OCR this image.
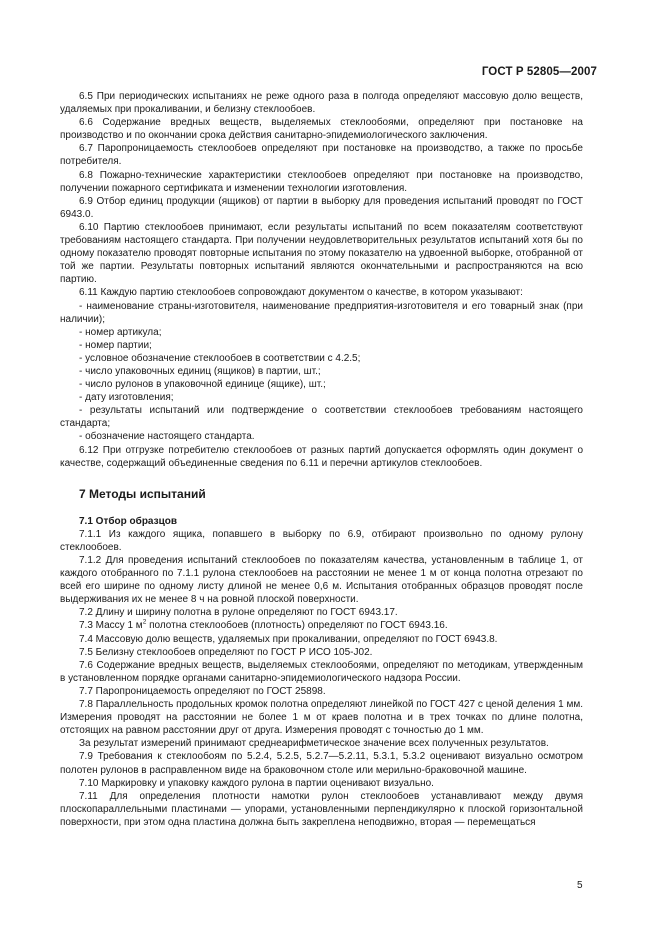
ГОСТ Р 52805—2007

6.5 При периодических испытаниях не реже одного раза в полгода определяют массовую долю веществ, удаляемых при прокаливании, и белизну стеклообоев.

6.6 Содержание вредных веществ, выделяемых стеклообоями, определяют при постановке на производство и по окончании срока действия санитарно-эпидемиологического заключения.

6.7 Паропроницаемость стеклообоев определяют при постановке на производство, а также по просьбе потребителя.

6.8 Пожарно-технические характеристики стеклообоев определяют при постановке на производство, получении пожарного сертификата и изменении технологии изготовления.

6.9 Отбор единиц продукции (ящиков) от партии в выборку для проведения испытаний проводят по ГОСТ 6943.0.

6.10 Партию стеклообоев принимают, если результаты испытаний по всем показателям соответствуют требованиям настоящего стандарта. При получении неудовлетворительных результатов испытаний хотя бы по одному показателю проводят повторные испытания по этому показателю на удвоенной выборке, отобранной от той же партии. Результаты повторных испытаний являются окончательными и распространяются на всю партию.

6.11 Каждую партию стеклообоев сопровождают документом о качестве, в котором указывают:

- наименование страны-изготовителя, наименование предприятия-изготовителя и его товарный знак (при наличии);

- номер артикула;

- номер партии;

- условное обозначение стеклообоев в соответствии с 4.2.5;

- число упаковочных единиц (ящиков) в партии, шт.;

- число рулонов в упаковочной единице (ящике), шт.;

- дату изготовления;

- результаты испытаний или подтверждение о соответствии стеклообоев требованиям настоящего стандарта;

- обозначение настоящего стандарта.

6.12 При отгрузке потребителю стеклообоев от разных партий допускается оформлять один документ о качестве, содержащий объединенные сведения по 6.11 и перечни артикулов стеклообоев.

7 Методы испытаний
7.1 Отбор образцов

7.1.1 Из каждого ящика, попавшего в выборку по 6.9, отбирают произвольно по одному рулону стеклообоев.

7.1.2 Для проведения испытаний стеклообоев по показателям качества, установленным в таблице 1, от каждого отобранного по 7.1.1 рулона стеклообоев на расстоянии не менее 1 м от конца полотна отрезают по всей его ширине по одному листу длиной не менее 0,6 м. Испытания отобранных образцов проводят после выдерживания их не менее 8 ч на ровной плоской поверхности.

7.2 Длину и ширину полотна в рулоне определяют по ГОСТ 6943.17.

7.3 Массу 1 $м^2$ полотна стеклообоев (плотность) определяют по ГОСТ 6943.16.

7.4 Массовую долю веществ, удаляемых при прокаливании, определяют по ГОСТ 6943.8.

7.5 Белизну стеклообоев определяют по ГОСТ Р ИСО 105-J02.

7.6 Содержание вредных веществ, выделяемых стеклообоями, определяют по методикам, утвержденным в установленном порядке органами санитарно-эпидемиологического надзора России.

7.7 Паропроницаемость определяют по ГОСТ 25898.

7.8 Параллельность продольных кромок полотна определяют линейкой по ГОСТ 427 с ценой деления 1 мм. Измерения проводят на расстоянии не более 1 м от краев полотна и в трех точках по длине полотна, отстоящих на равном расстоянии друг от друга. Измерения проводят с точностью до 1 мм.

За результат измерений принимают среднеарифметическое значение всех полученных результатов.

7.9 Требования к стеклообоям по 5.2.4, 5.2.5, 5.2.7—5.2.11, 5.3.1, 5.3.2 оценивают визуально осмотром полотен рулонов в расправленном виде на браковочном столе или мерильно-браковочной машине.

7.10 Маркировку и упаковку каждого рулона в партии оценивают визуально.

7.11 Для определения плотности намотки рулон стеклообоев устанавливают между двумя плоскопараллельными пластинами — упорами, установленными перпендикулярно к плоской горизонтальной поверхности, при этом одна пластина должна быть закреплена неподвижно, вторая — перемещаться

5
